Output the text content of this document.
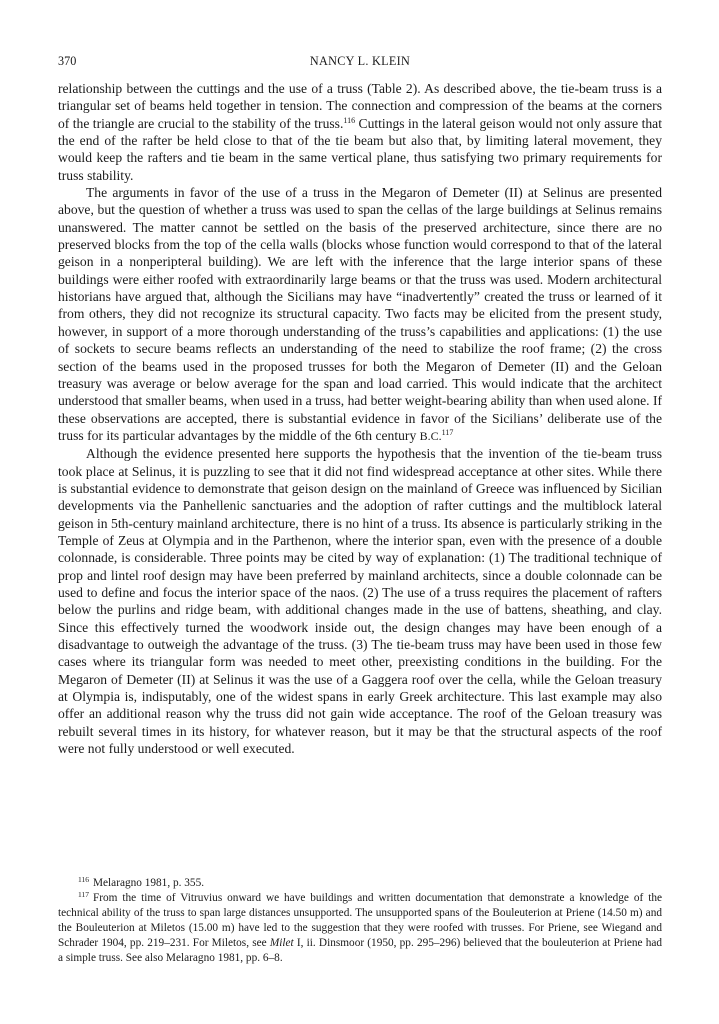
370	NANCY L. KLEIN

relationship between the cuttings and the use of a truss (Table 2). As described above, the tie-beam truss is a triangular set of beams held together in tension. The connection and compression of the beams at the corners of the triangle are crucial to the stability of the truss.$^{116}$ Cuttings in the lateral geison would not only assure that the end of the rafter be held close to that of the tie beam but also that, by limiting lateral movement, they would keep the rafters and tie beam in the same vertical plane, thus satisfying two primary requirements for truss stability.

The arguments in favor of the use of a truss in the Megaron of Demeter (II) at Selinus are presented above, but the question of whether a truss was used to span the cellas of the large buildings at Selinus remains unanswered. The matter cannot be settled on the basis of the preserved architecture, since there are no preserved blocks from the top of the cella walls (blocks whose function would correspond to that of the lateral geison in a nonperipteral building). We are left with the inference that the large interior spans of these buildings were either roofed with extraordinarily large beams or that the truss was used. Modern architectural historians have argued that, although the Sicilians may have “inadvertently” created the truss or learned of it from others, they did not recognize its structural capacity. Two facts may be elicited from the present study, however, in support of a more thorough understanding of the truss’s capabilities and applications: (1) the use of sockets to secure beams reflects an understanding of the need to stabilize the roof frame; (2) the cross section of the beams used in the proposed trusses for both the Megaron of Demeter (II) and the Geloan treasury was average or below average for the span and load carried. This would indicate that the architect understood that smaller beams, when used in a truss, had better weight-bearing ability than when used alone. If these observations are accepted, there is substantial evidence in favor of the Sicilians’ deliberate use of the truss for its particular advantages by the middle of the 6th century B.C.$^{117}$

Although the evidence presented here supports the hypothesis that the invention of the tie-beam truss took place at Selinus, it is puzzling to see that it did not find widespread acceptance at other sites. While there is substantial evidence to demonstrate that geison design on the mainland of Greece was influenced by Sicilian developments via the Panhellenic sanctuaries and the adoption of rafter cuttings and the multiblock lateral geison in 5th-century mainland architecture, there is no hint of a truss. Its absence is particularly striking in the Temple of Zeus at Olympia and in the Parthenon, where the interior span, even with the presence of a double colonnade, is considerable. Three points may be cited by way of explanation: (1) The traditional technique of prop and lintel roof design may have been preferred by mainland architects, since a double colonnade can be used to define and focus the interior space of the naos. (2) The use of a truss requires the placement of rafters below the purlins and ridge beam, with additional changes made in the use of battens, sheathing, and clay. Since this effectively turned the woodwork inside out, the design changes may have been enough of a disadvantage to outweigh the advantage of the truss. (3) The tie-beam truss may have been used in those few cases where its triangular form was needed to meet other, preexisting conditions in the building. For the Megaron of Demeter (II) at Selinus it was the use of a Gaggera roof over the cella, while the Geloan treasury at Olympia is, indisputably, one of the widest spans in early Greek architecture. This last example may also offer an additional reason why the truss did not gain wide acceptance. The roof of the Geloan treasury was rebuilt several times in its history, for whatever reason, but it may be that the structural aspects of the roof were not fully understood or well executed.

$^{116}$ Melaragno 1981, p. 355.

$^{117}$ From the time of Vitruvius onward we have buildings and written documentation that demonstrate a knowledge of the technical ability of the truss to span large distances unsupported. The unsupported spans of the Bouleuterion at Priene (14.50 m) and the Bouleuterion at Miletos (15.00 m) have led to the suggestion that they were roofed with trusses. For Priene, see Wiegand and Schrader 1904, pp. 219–231. For Miletos, see Milet I, ii. Dinsmoor (1950, pp. 295–296) believed that the bouleuterion at Priene had a simple truss. See also Melaragno 1981, pp. 6–8.
